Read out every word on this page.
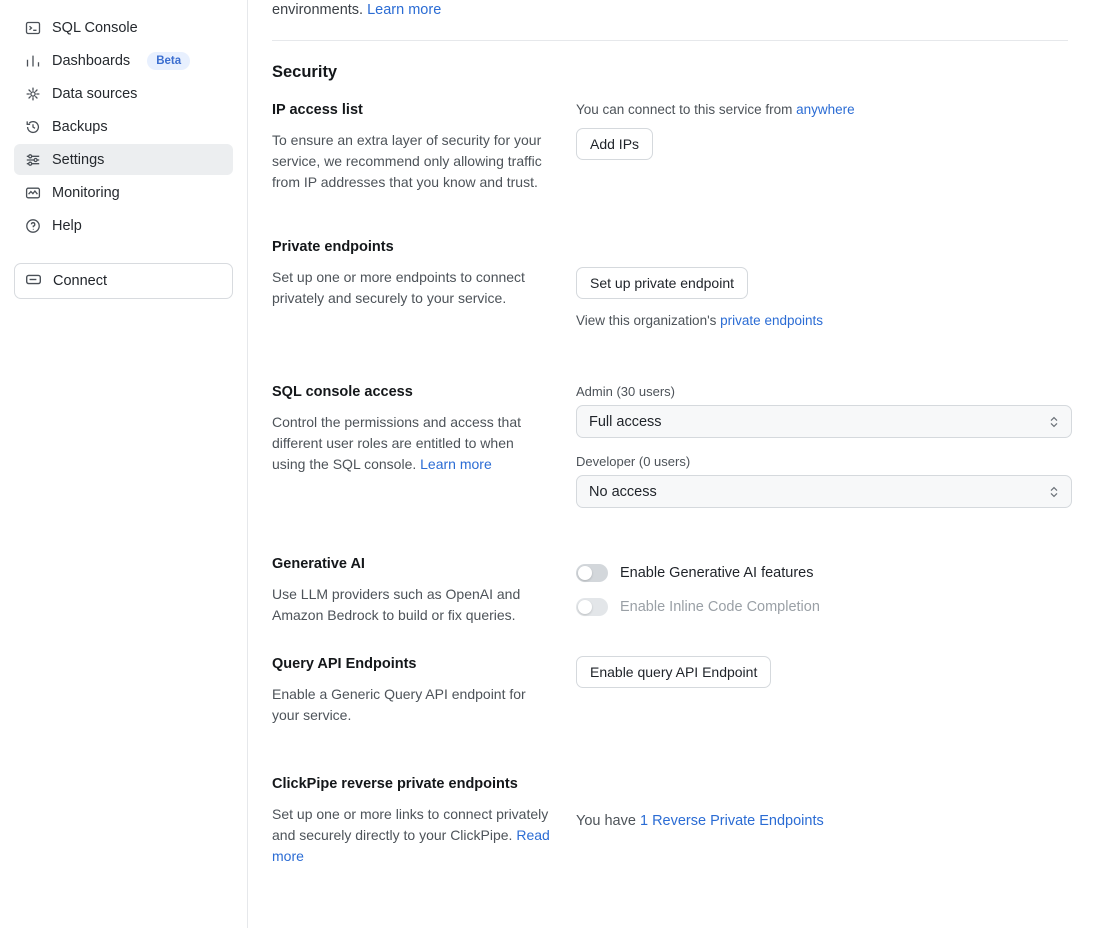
SQL Console
Dashboards	Beta
Data sources
Backups
Settings
Monitoring
Help
Connect
environments. Learn more
Security
IP access list

To ensure an extra layer of security for your service, we recommend only allowing traffic from IP addresses that you know and trust.

You can connect to this service from anywhere

Add IPs
Private endpoints

Set up one or more endpoints to connect privately and securely to your service.

Set up private endpoint

View this organization's private endpoints

SQL console access

Control the permissions and access that different user roles are entitled to when using the SQL console. Learn more

Admin (30 users)
Full access
Developer (0 users)
No access
Generative AI

Use LLM providers such as OpenAI and Amazon Bedrock to build or fix queries.

Enable Generative AI features
Enable Inline Code Completion
Query API Endpoints

Enable a Generic Query API endpoint for your service.

Enable query API Endpoint
ClickPipe reverse private endpoints

Set up one or more links to connect privately and securely directly to your ClickPipe. Read more

You have 1 Reverse Private Endpoints
